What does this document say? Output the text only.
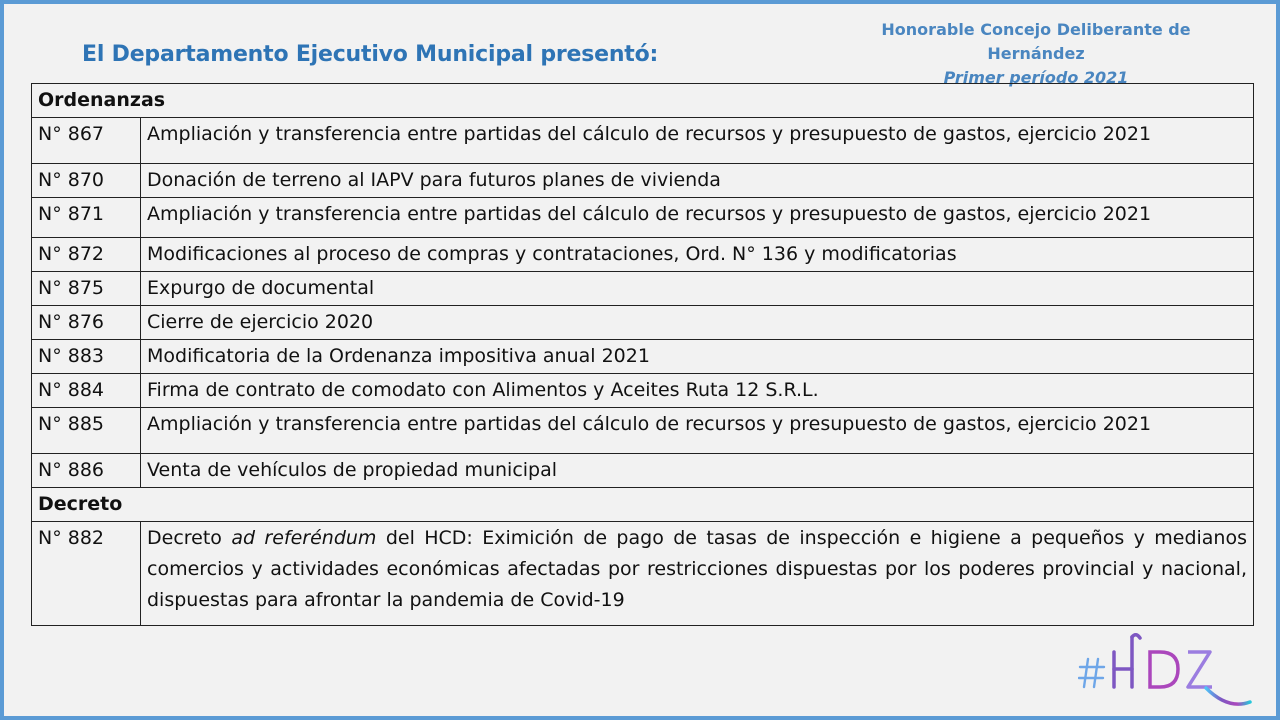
Honorable Concejo Deliberante de Hernández
Primer período 2021
El Departamento Ejecutivo Municipal presentó:
Ordenanzas	
N° 867	Ampliación y transferencia entre partidas del cálculo de recursos y presupuesto de gastos, ejercicio 2021
N° 870	Donación de terreno al IAPV para futuros planes de vivienda
N° 871	Ampliación y transferencia entre partidas del cálculo de recursos y presupuesto de gastos, ejercicio 2021
N° 872	Modificaciones al proceso de compras y contrataciones, Ord. N° 136 y modificatorias
N° 875	Expurgo de documental
N° 876	Cierre de ejercicio 2020
N° 883	Modificatoria de la Ordenanza impositiva anual 2021
N° 884	Firma de contrato de comodato con Alimentos y Aceites Ruta 12 S.R.L.
N° 885	Ampliación y transferencia entre partidas del cálculo de recursos y presupuesto de gastos, ejercicio 2021
N° 886	Venta de vehículos de propiedad municipal
Decreto	
N° 882	Decreto ad referéndum del HCD: Eximición de pago de tasas de inspección e higiene a pequeños y medianos comercios y actividades económicas afectadas por restricciones dispuestas por los poderes provincial y nacional, dispuestas para afrontar la pandemia de Covid-19
